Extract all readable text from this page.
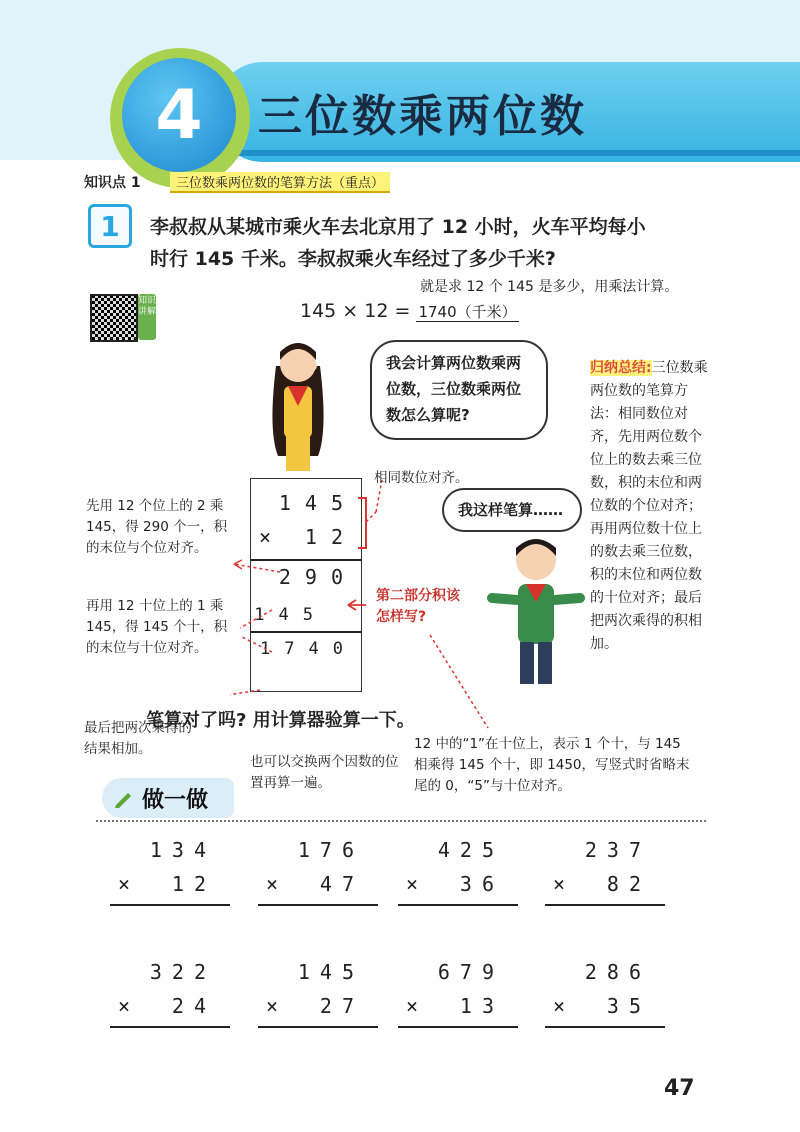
4	三位数乘两位数
知识点 1	三位数乘两位数的笔算方法（重点）
1	李叔叔从某城市乘火车去北京用了 12 小时，火车平均每小
时行 145 千米。李叔叔乘火车经过了多少千米?
就是求 12 个 145 是多少，用乘法计算。
145 × 12 = 1740（千米）
知识讲解
我会计算两位数乘两位数，三位数乘两位数怎么算呢?
归纳总结:三位数乘两位数的笔算方法：相同数位对齐，先用两位数个位上的数去乘三位数，积的末位和两位数的个位对齐；再用两位数十位上的数去乘三位数，积的末位和两位数的十位对齐；最后把两次乘得的积相加。
先用 12 个位上的 2 乘 145，得 290 个一，积的末位与个位对齐。
再用 12 十位上的 1 乘 145，得 145 个十，积的末位与十位对齐。
145
× 12
290
145
1740
相同数位对齐。
第二部分积该怎样写?
我这样笔算……
笔算对了吗? 用计算器验算一下。
最后把两次乘得的结果相加。
也可以交换两个因数的位置再算一遍。
12 中的“1”在十位上，表示 1 个十，与 145 相乘得 145 个十，即 1450，写竖式时省略末尾的 0，“5”与十位对齐。
做一做
134
× 12
176
× 47
425
× 36
237
× 82
322
× 24
145
× 27
679
× 13
286
× 35
47
